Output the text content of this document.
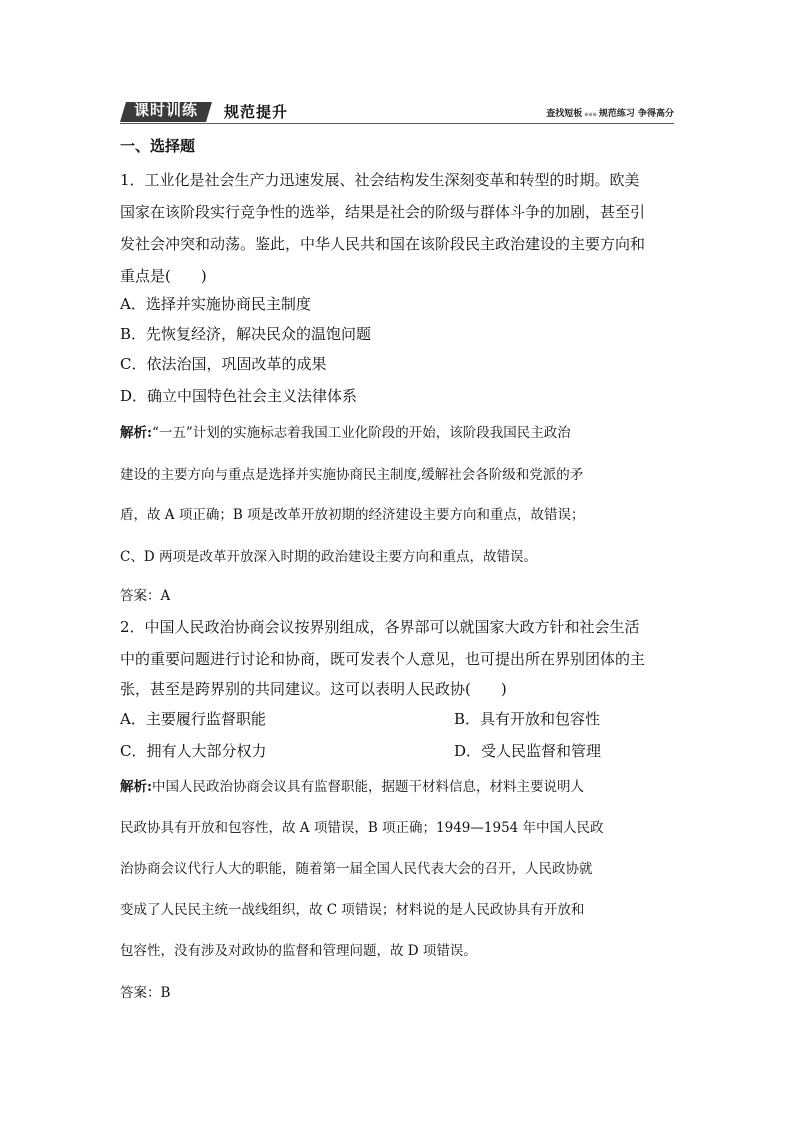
课时训练 规范提升	查找短板 ※※※ 规范练习 争得高分
一、选择题
1．工业化是社会生产力迅速发展、社会结构发生深刻变革和转型的时期。欧美
国家在该阶段实行竞争性的选举，结果是社会的阶级与群体斗争的加剧，甚至引
发社会冲突和动荡。鉴此，中华人民共和国在该阶段民主政治建设的主要方向和
重点是(　　)
A．选择并实施协商民主制度
B．先恢复经济，解决民众的温饱问题
C．依法治国，巩固改革的成果
D．确立中国特色社会主义法律体系
解析:“一五”计划的实施标志着我国工业化阶段的开始，该阶段我国民主政治
建设的主要方向与重点是选择并实施协商民主制度,缓解社会各阶级和党派的矛
盾，故 A 项正确；B 项是改革开放初期的经济建设主要方向和重点，故错误；
C、D 两项是改革开放深入时期的政治建设主要方向和重点，故错误。
答案：A
2．中国人民政治协商会议按界别组成，各界部可以就国家大政方针和社会生活
中的重要问题进行讨论和协商，既可发表个人意见，也可提出所在界别团体的主
张，甚至是跨界别的共同建议。这可以表明人民政协(　　)
A．主要履行监督职能	B．具有开放和包容性
C．拥有人大部分权力	D．受人民监督和管理
解析:中国人民政治协商会议具有监督职能，据题干材料信息，材料主要说明人
民政协具有开放和包容性，故 A 项错误，B 项正确；1949—1954 年中国人民政
治协商会议代行人大的职能，随着第一届全国人民代表大会的召开，人民政协就
变成了人民民主统一战线组织，故 C 项错误；材料说的是人民政协具有开放和
包容性，没有涉及对政协的监督和管理问题，故 D 项错误。
答案：B
